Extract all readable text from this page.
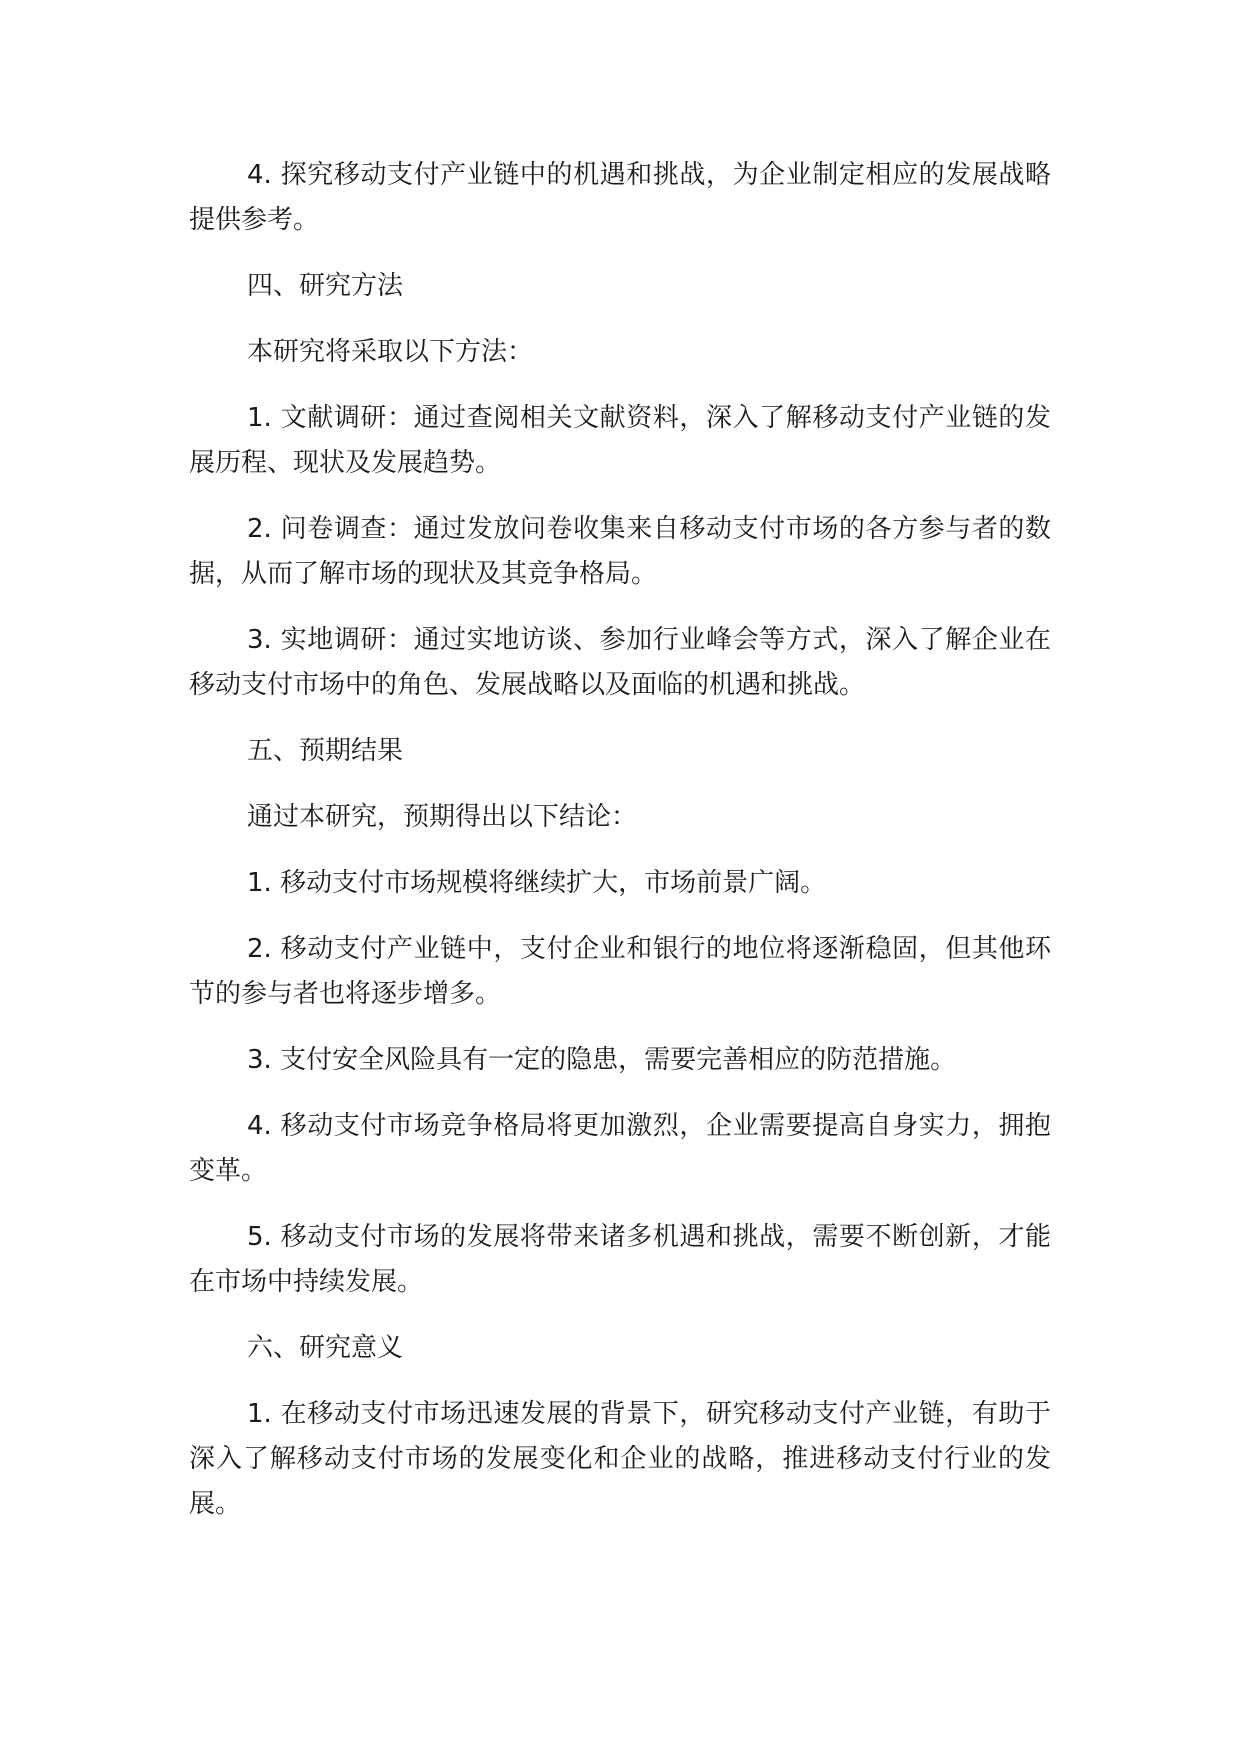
4. 探究移动支付产业链中的机遇和挑战，为企业制定相应的发展战略提供参考。

四、研究方法

本研究将采取以下方法：

1. 文献调研：通过查阅相关文献资料，深入了解移动支付产业链的发展历程、现状及发展趋势。

2. 问卷调查：通过发放问卷收集来自移动支付市场的各方参与者的数据，从而了解市场的现状及其竞争格局。

3. 实地调研：通过实地访谈、参加行业峰会等方式，深入了解企业在移动支付市场中的角色、发展战略以及面临的机遇和挑战。

五、预期结果

通过本研究，预期得出以下结论：

1. 移动支付市场规模将继续扩大，市场前景广阔。

2. 移动支付产业链中，支付企业和银行的地位将逐渐稳固，但其他环节的参与者也将逐步增多。

3. 支付安全风险具有一定的隐患，需要完善相应的防范措施。

4. 移动支付市场竞争格局将更加激烈，企业需要提高自身实力，拥抱变革。

5. 移动支付市场的发展将带来诸多机遇和挑战，需要不断创新，才能在市场中持续发展。

六、研究意义

1. 在移动支付市场迅速发展的背景下，研究移动支付产业链，有助于深入了解移动支付市场的发展变化和企业的战略，推进移动支付行业的发展。
